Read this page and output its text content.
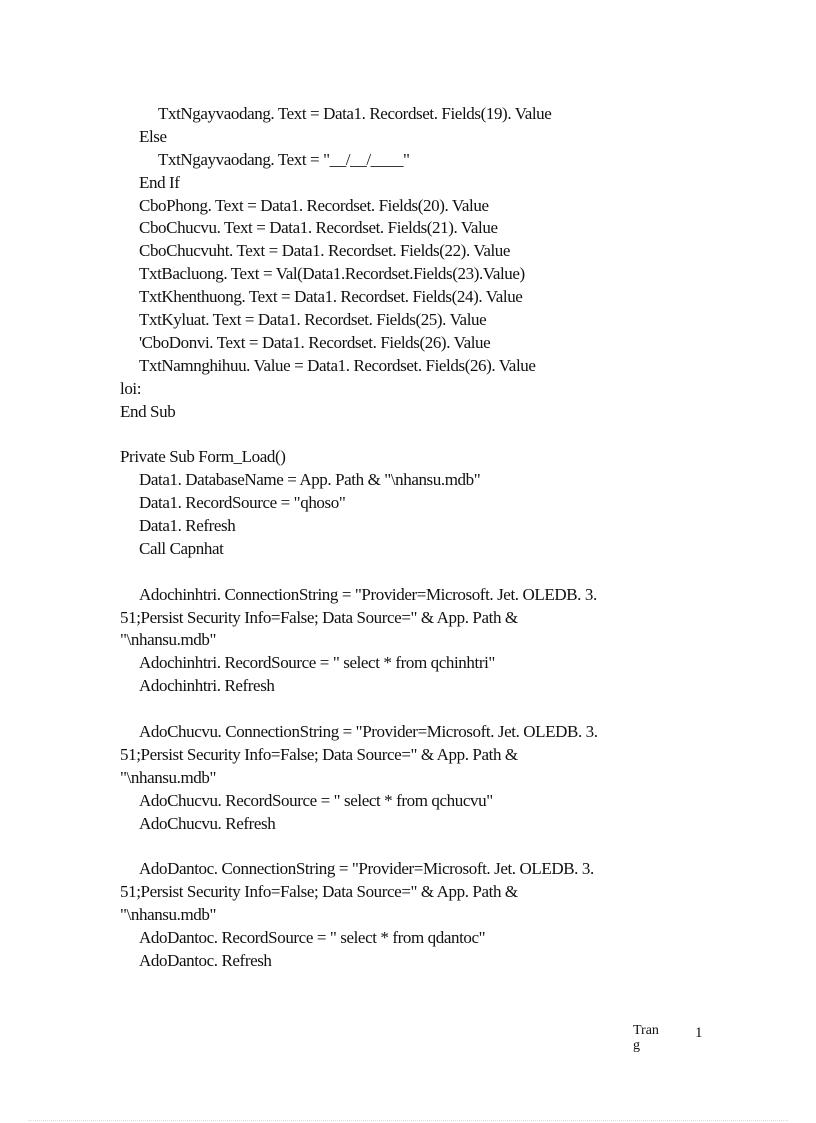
TxtNgayvaodang. Text = Data1. Recordset. Fields(19). Value
Else
TxtNgayvaodang. Text = "__/__/____"
End If
CboPhong. Text = Data1. Recordset. Fields(20). Value
CboChucvu. Text = Data1. Recordset. Fields(21). Value
CboChucvuht. Text = Data1. Recordset. Fields(22). Value
TxtBacluong. Text = Val(Data1.Recordset.Fields(23).Value)
TxtKhenthuong. Text = Data1. Recordset. Fields(24). Value
TxtKyluat. Text = Data1. Recordset. Fields(25). Value
'CboDonvi. Text = Data1. Recordset. Fields(26). Value
TxtNamnghihuu. Value = Data1. Recordset. Fields(26). Value
loi:
End Sub
Private Sub Form_Load()
Data1. DatabaseName = App. Path & "\nhansu.mdb"
Data1. RecordSource = "qhoso"
Data1. Refresh
Call Capnhat
Adochinhtri. ConnectionString = "Provider=Microsoft. Jet. OLEDB. 3.
51;Persist Security Info=False; Data Source=" & App. Path &
"\nhansu.mdb"
Adochinhtri. RecordSource = " select * from qchinhtri"
Adochinhtri. Refresh
AdoChucvu. ConnectionString = "Provider=Microsoft. Jet. OLEDB. 3.
51;Persist Security Info=False; Data Source=" & App. Path &
"\nhansu.mdb"
AdoChucvu. RecordSource = " select * from qchucvu"
AdoChucvu. Refresh
AdoDantoc. ConnectionString = "Provider=Microsoft. Jet. OLEDB. 3.
51;Persist Security Info=False; Data Source=" & App. Path &
"\nhansu.mdb"
AdoDantoc. RecordSource = " select * from qdantoc"
AdoDantoc. Refresh
Trang
1
